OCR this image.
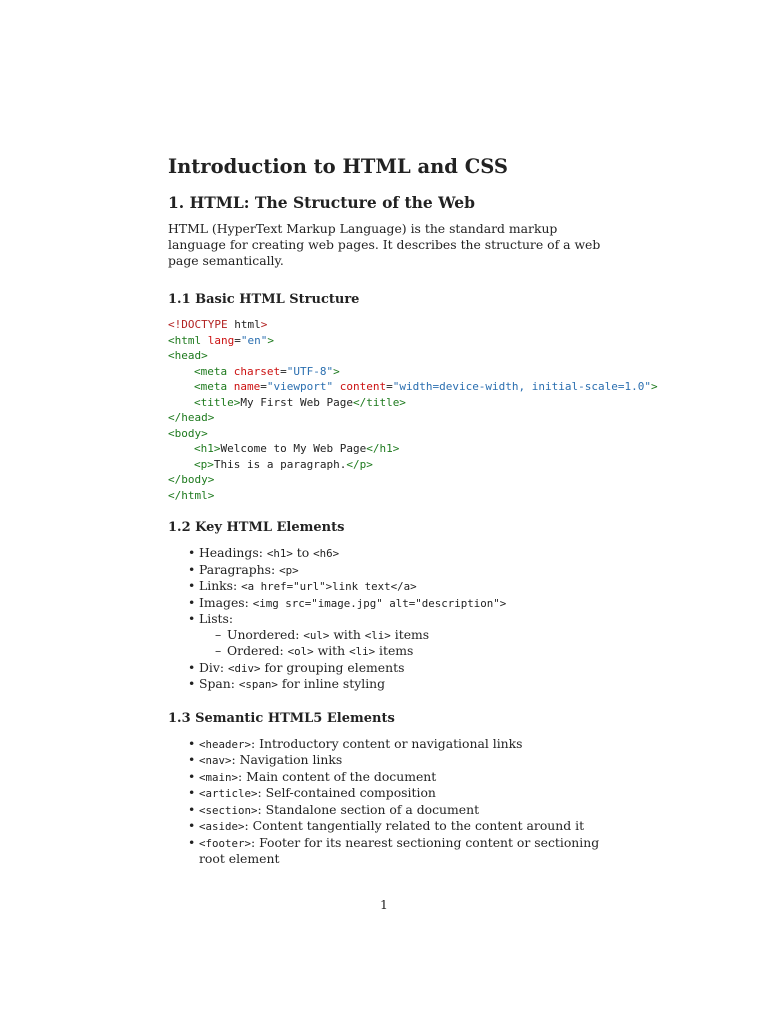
Introduction to HTML and CSS
1. HTML: The Structure of the Web

HTML (HyperText Markup Language) is the standard markup language for creating web pages. It describes the structure of a web page semantically.

1.1 Basic HTML Structure
<!DOCTYPE html>
<html lang="en">
<head>
<meta charset="UTF-8">
<meta name="viewport" content="width=device-width, initial-scale=1.0">
<title>My First Web Page</title>
</head>
<body>
<h1>Welcome to My Web Page</h1>
<p>This is a paragraph.</p>
</body>
</html>
1.2 Key HTML Elements
• Headings: <h1> to <h6>
• Paragraphs: <p>
• Links: <a href="url">link text</a>
• Images: <img src="image.jpg" alt="description">
• Lists:
– Unordered: <ul> with <li> items
– Ordered: <ol> with <li> items
• Div: <div> for grouping elements
• Span: <span> for inline styling
1.3 Semantic HTML5 Elements
• <header>: Introductory content or navigational links
• <nav>: Navigation links
• <main>: Main content of the document
• <article>: Self-contained composition
• <section>: Standalone section of a document
• <aside>: Content tangentially related to the content around it
• <footer>: Footer for its nearest sectioning content or sectioning root element
1
